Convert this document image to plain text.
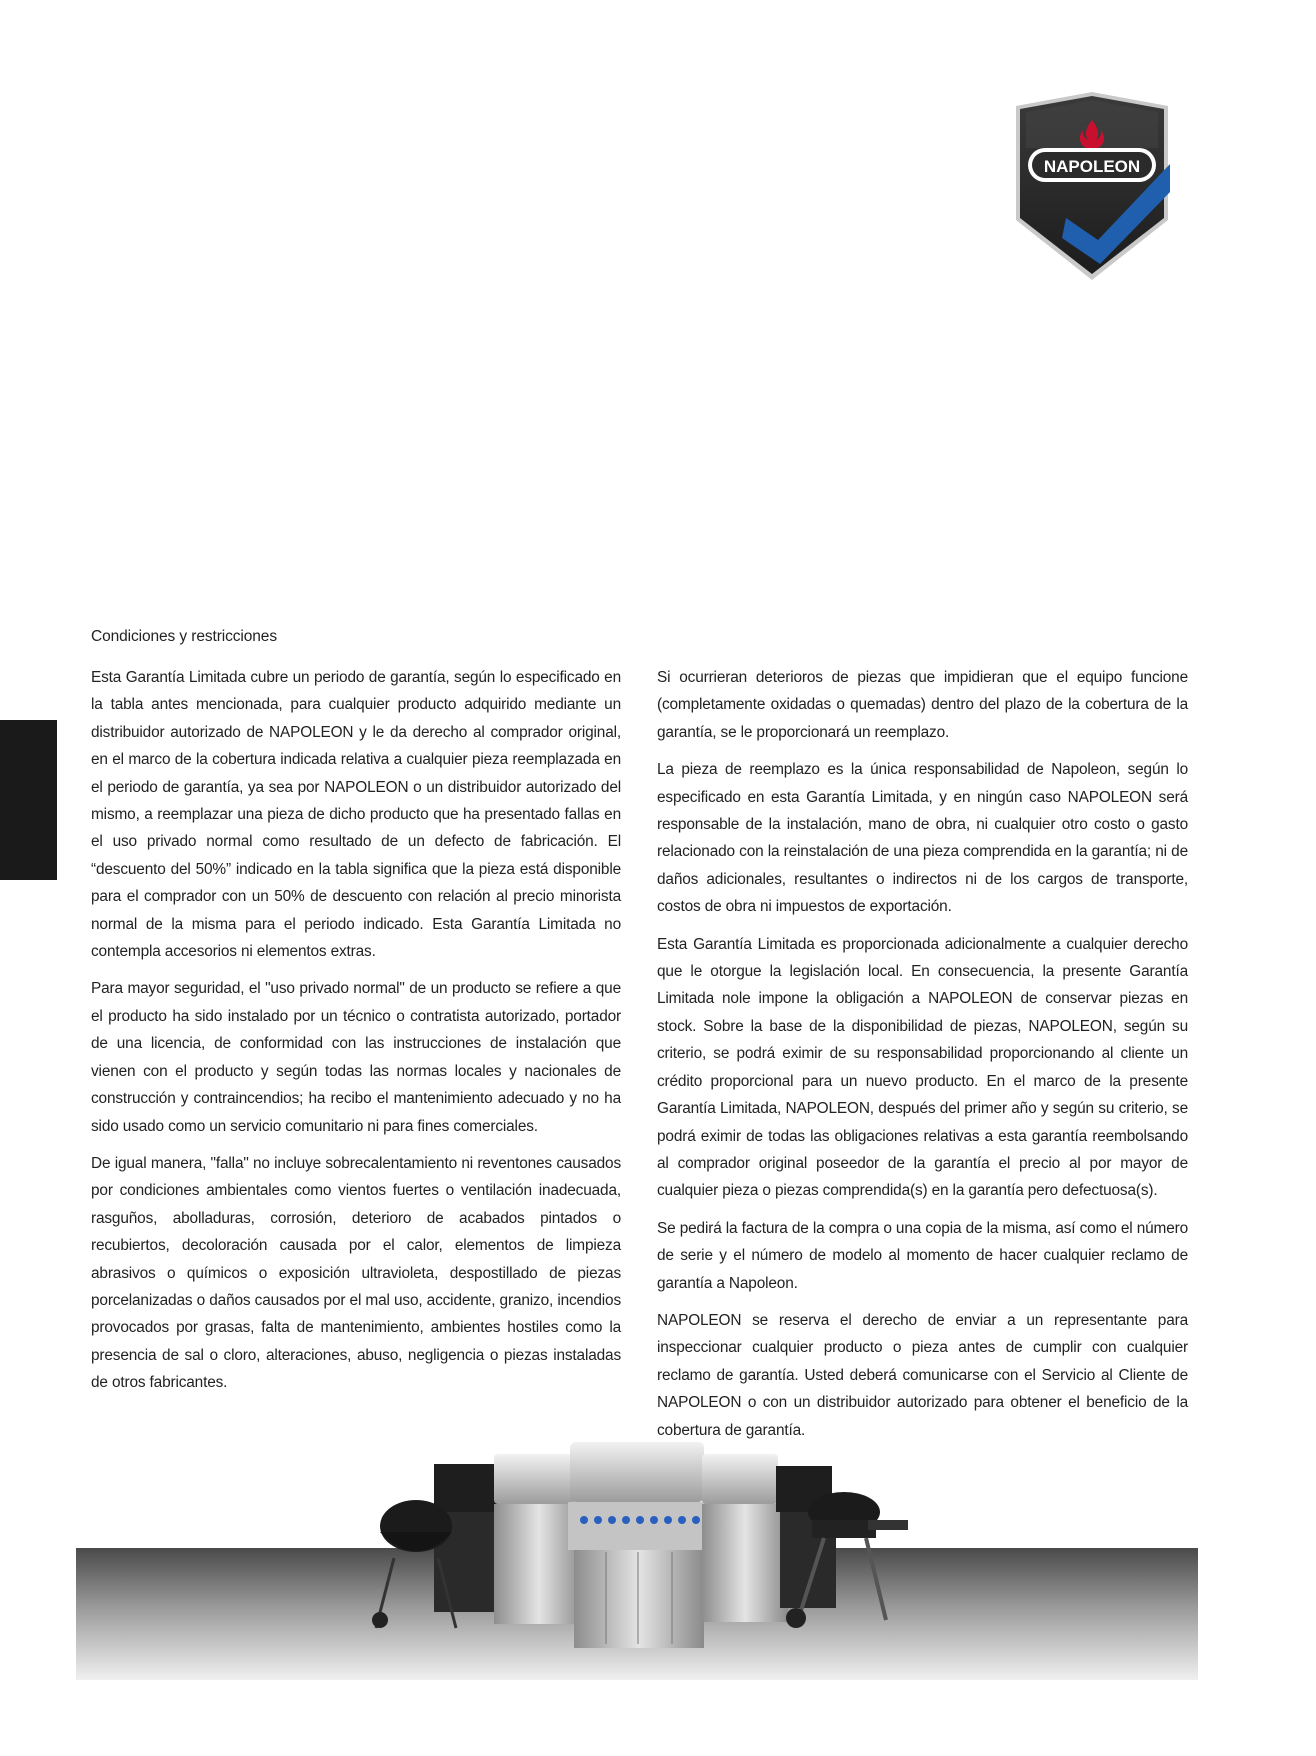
NAPOLEON
Condiciones y restricciones

Esta Garantía Limitada cubre un periodo de garantía, según lo especificado en la tabla antes mencionada, para cualquier producto adquirido mediante un distribuidor autorizado de NAPOLEON y le da derecho al comprador original, en el marco de la cobertura indicada relativa a cualquier pieza reemplazada en el periodo de garantía, ya sea por NAPOLEON o un distribuidor autorizado del mismo, a reemplazar una pieza de dicho producto que ha presentado fallas en el uso privado normal como resultado de un defecto de fabricación. El “descuento del 50%” indicado en la tabla significa que la pieza está disponible para el comprador con un 50% de descuento con relación al precio minorista normal de la misma para el periodo indicado. Esta Garantía Limitada no contempla accesorios ni elementos extras.

Para mayor seguridad, el "uso privado normal" de un producto se refiere a que el producto ha sido instalado por un técnico o contratista autorizado, portador de una licencia, de conformidad con las instrucciones de instalación que vienen con el producto y según todas las normas locales y nacionales de construcción y contraincendios; ha recibo el mantenimiento adecuado y no ha sido usado como un servicio comunitario ni para fines comerciales.

De igual manera, "falla" no incluye sobrecalentamiento ni reventones causados por condiciones ambientales como vientos fuertes o ventilación inadecuada, rasguños, abolladuras, corrosión, deterioro de acabados pintados o recubiertos, decoloración causada por el calor, elementos de limpieza abrasivos o químicos o exposición ultravioleta, despostillado de piezas porcelanizadas o daños causados por el mal uso, accidente, granizo, incendios provocados por grasas, falta de mantenimiento, ambientes hostiles como la presencia de sal o cloro, alteraciones, abuso, negligencia o piezas instaladas de otros fabricantes.

Si ocurrieran deterioros de piezas que impidieran que el equipo funcione (completamente oxidadas o quemadas) dentro del plazo de la cobertura de la garantía, se le proporcionará un reemplazo.

La pieza de reemplazo es la única responsabilidad de Napoleon, según lo especificado en esta Garantía Limitada, y en ningún caso NAPOLEON será responsable de la instalación, mano de obra, ni cualquier otro costo o gasto relacionado con la reinstalación de una pieza comprendida en la garantía; ni de daños adicionales, resultantes o indirectos ni de los cargos de transporte, costos de obra ni impuestos de exportación.

Esta Garantía Limitada es proporcionada adicionalmente a cualquier derecho que le otorgue la legislación local. En consecuencia, la presente Garantía Limitada nole impone la obligación a NAPOLEON de conservar piezas en stock. Sobre la base de la disponibilidad de piezas, NAPOLEON, según su criterio, se podrá eximir de su responsabilidad proporcionando al cliente un crédito proporcional para un nuevo producto. En el marco de la presente Garantía Limitada, NAPOLEON, después del primer año y según su criterio, se podrá eximir de todas las obligaciones relativas a esta garantía reembolsando al comprador original poseedor de la garantía el precio al por mayor de cualquier pieza o piezas comprendida(s) en la garantía pero defectuosa(s).

Se pedirá la factura de la compra o una copia de la misma, así como el número de serie y el número de modelo al momento de hacer cualquier reclamo de garantía a Napoleon.

NAPOLEON se reserva el derecho de enviar a un representante para inspeccionar cualquier producto o pieza antes de cumplir con cualquier reclamo de garantía. Usted deberá comunicarse con el Servicio al Cliente de NAPOLEON o con un distribuidor autorizado para obtener el beneficio de la cobertura de garantía.
